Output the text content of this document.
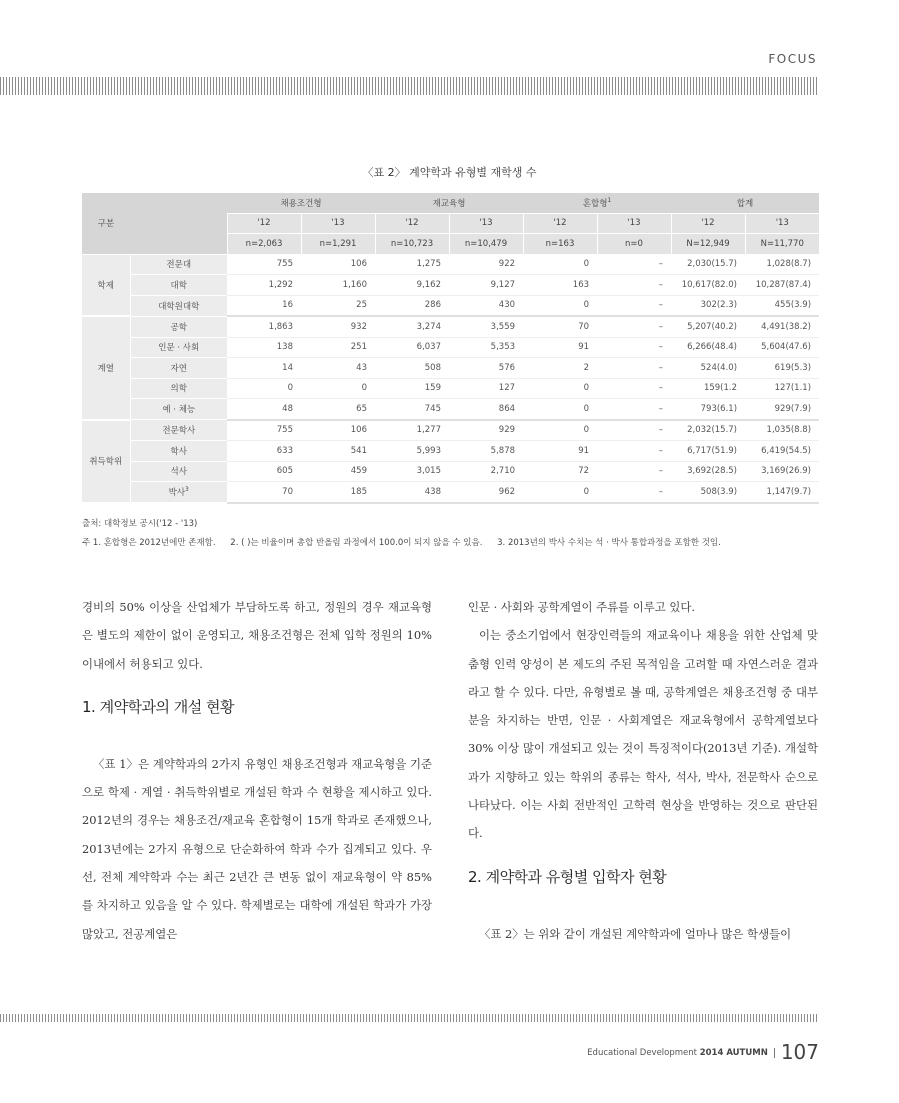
FOCUS
〈표 2〉 계약학과 유형별 재학생 수
구분		채용조건형		재교육형		혼합형$^1$		합계	
		'12	'13	'12	'13	'12	'13	'12	'13
		n=2,063	n=1,291	n=10,723	n=10,479	n=163	n=0	N=12,949	N=11,770
학제	전문대	755	106	1,275	922	0	–	2,030(15.7)	1,028(8.7)
	대학	1,292	1,160	9,162	9,127	163	–	10,617(82.0)	10,287(87.4)
	대학원대학	16	25	286	430	0	–	302(2.3)	455(3.9)
계열	공학	1,863	932	3,274	3,559	70	–	5,207(40.2)	4,491(38.2)
	인문 · 사회	138	251	6,037	5,353	91	–	6,266(48.4)	5,604(47.6)
	자연	14	43	508	576	2	–	524(4.0)	619(5.3)
	의학	0	0	159	127	0	–	159(1.2	127(1.1)
	예 · 체능	48	65	745	864	0	–	793(6.1)	929(7.9)
취득학위	전문학사	755	106	1,277	929	0	–	2,032(15.7)	1,035(8.8)
	학사	633	541	5,993	5,878	91	–	6,717(51.9)	6,419(54.5)
	석사	605	459	3,015	2,710	72	–	3,692(28.5)	3,169(26.9)
	박사$^3$	70	185	438	962	0	–	508(3.9)	1,147(9.7)
출처: 대학정보 공시('12 - '13)
주 1. 혼합형은 2012년에만 존재함. 2. ( )는 비율이며 총합 반올림 과정에서 100.0이 되지 않을 수 있음. 3. 2013년의 박사 수치는 석 · 박사 통합과정을 포함한 것임.

경비의 50% 이상을 산업체가 부담하도록 하고, 정원의 경우 재교육형은 별도의 제한이 없이 운영되고, 채용조건형은 전체 입학 정원의 10% 이내에서 허용되고 있다.

1. 계약학과의 개설 현황

〈표 1〉은 계약학과의 2가지 유형인 채용조건형과 재교육형을 기준으로 학제 · 계열 · 취득학위별로 개설된 학과 수 현황을 제시하고 있다. 2012년의 경우는 채용조건/재교육 혼합형이 15개 학과로 존재했으나, 2013년에는 2가지 유형으로 단순화하여 학과 수가 집계되고 있다. 우선, 전체 계약학과 수는 최근 2년간 큰 변동 없이 재교육형이 약 85%를 차지하고 있음을 알 수 있다. 학제별로는 대학에 개설된 학과가 가장 많았고, 전공계열은

인문 · 사회와 공학계열이 주류를 이루고 있다.

이는 중소기업에서 현장인력들의 재교육이나 채용을 위한 산업체 맞춤형 인력 양성이 본 제도의 주된 목적임을 고려할 때 자연스러운 결과라고 할 수 있다. 다만, 유형별로 볼 때, 공학계열은 채용조건형 중 대부분을 차지하는 반면, 인문 · 사회계열은 재교육형에서 공학계열보다 30% 이상 많이 개설되고 있는 것이 특징적이다(2013년 기준). 개설학과가 지향하고 있는 학위의 종류는 학사, 석사, 박사, 전문학사 순으로 나타났다. 이는 사회 전반적인 고학력 현상을 반영하는 것으로 판단된다.

2. 계약학과 유형별 입학자 현황

〈표 2〉는 위와 같이 개설된 계약학과에 얼마나 많은 학생들이

Educational Development 2014 AUTUMN 107
